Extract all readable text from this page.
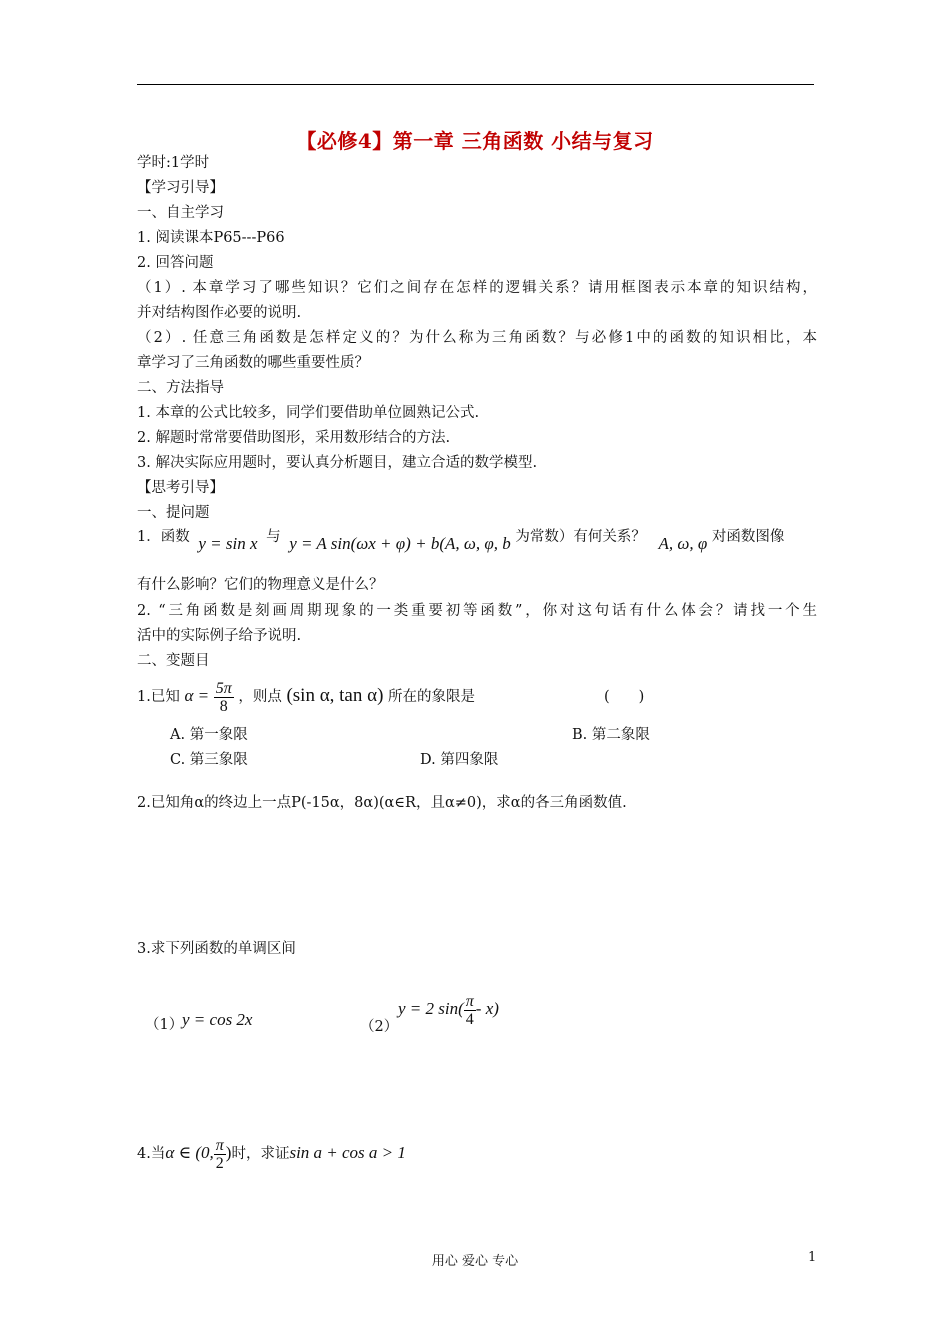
【必修4】第一章 三角函数 小结与复习
学时:1学时
【学习引导】
一、自主学习
1. 阅读课本P65---P66
2. 回答问题
（1）. 本章学习了哪些知识？它们之间存在怎样的逻辑关系？请用框图表示本章的知识结构，
并对结构图作必要的说明.
（2）. 任意三角函数是怎样定义的？为什么称为三角函数？与必修1中的函数的知识相比，本
章学习了三角函数的哪些重要性质？
二、方法指导
1. 本章的公式比较多，同学们要借助单位圆熟记公式.
2. 解题时常常要借助图形，采用数形结合的方法.
3. 解决实际应用题时，要认真分析题目，建立合适的数学模型.
【思考引导】
一、提问题
1．函数 y = sin x 与 y = A sin(ωx + φ) + b(A, ω, φ, b 为常数）有何关系？ A, ω, φ 对函数图像
有什么影响？它们的物理意义是什么？
2. “三角函数是刻画周期现象的一类重要初等函数”，你对这句话有什么体会？请找一个生
活中的实际例子给予说明.
二、变题目
1.已知 $\alpha = \frac{5\pi}{8}$ ，则点 (sin α, tan α) 所在的象限是	(　　)
A. 第一象限	B. 第二象限
C. 第三象限	D. 第四象限
2.已知角α的终边上一点P(-15α，8α)(α∈R，且α≠0)，求α的各三角函数值.
3.求下列函数的单调区间
（1）
y = cos 2x	（2）
y = 2 $\sin( \frac{\pi}{4} - x)$
4.当α ∈ (0, $\frac{\pi}{2}$ )时，求证sin a + cos a > 1
用心 爱心 专心	1
